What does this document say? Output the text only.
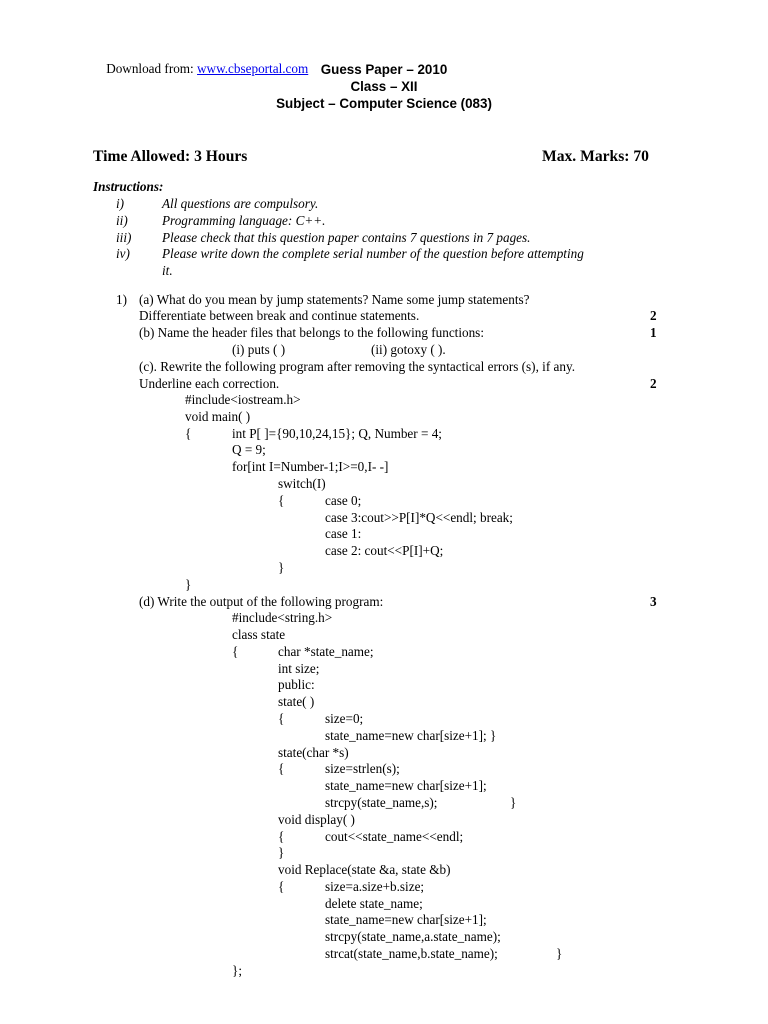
Download from: www.cbseportal.com
Guess Paper – 2010
Class – XII
Subject – Computer Science (083)
Time Allowed: 3 Hours	Max. Marks: 70
Instructions:
i)	All questions are compulsory.
ii)	Programming language: C++.
iii) Please check that this question paper contains 7 questions in 7 pages.
iv) Please write down the complete serial number of the question before attempting
it.
1) (a) What do you mean by jump statements? Name some jump statements?
Differentiate between break and continue statements.	2
(b) Name the header files that belongs to the following functions:	1
(i) puts ( )	(ii) gotoxy ( ).
(c). Rewrite the following program after removing the syntactical errors (s), if any.
Underline each correction.	2
#include<iostream.h>
void main( )
{	int P[ ]={90,10,24,15}; Q, Number = 4;
Q = 9;
for[int I=Number-1;I>=0,I- -]
switch(I)
{	case 0;
case 3:cout>>P[I]*Q<<endl; break;
case 1:
case 2: cout<<P[I]+Q;
}
}
(d) Write the output of the following program:	3
#include<string.h>
class state
{	char *state_name;
int size;
public:
state( )
{	size=0;
state_name=new char[size+1]; }
state(char *s)
{	size=strlen(s);
state_name=new char[size+1];
strcpy(state_name,s);	}
void display( )
{	cout<<state_name<<endl;
}
void Replace(state &a, state &b)
{	size=a.size+b.size;
delete state_name;
state_name=new char[size+1];
strcpy(state_name,a.state_name);
strcat(state_name,b.state_name);	}
};
